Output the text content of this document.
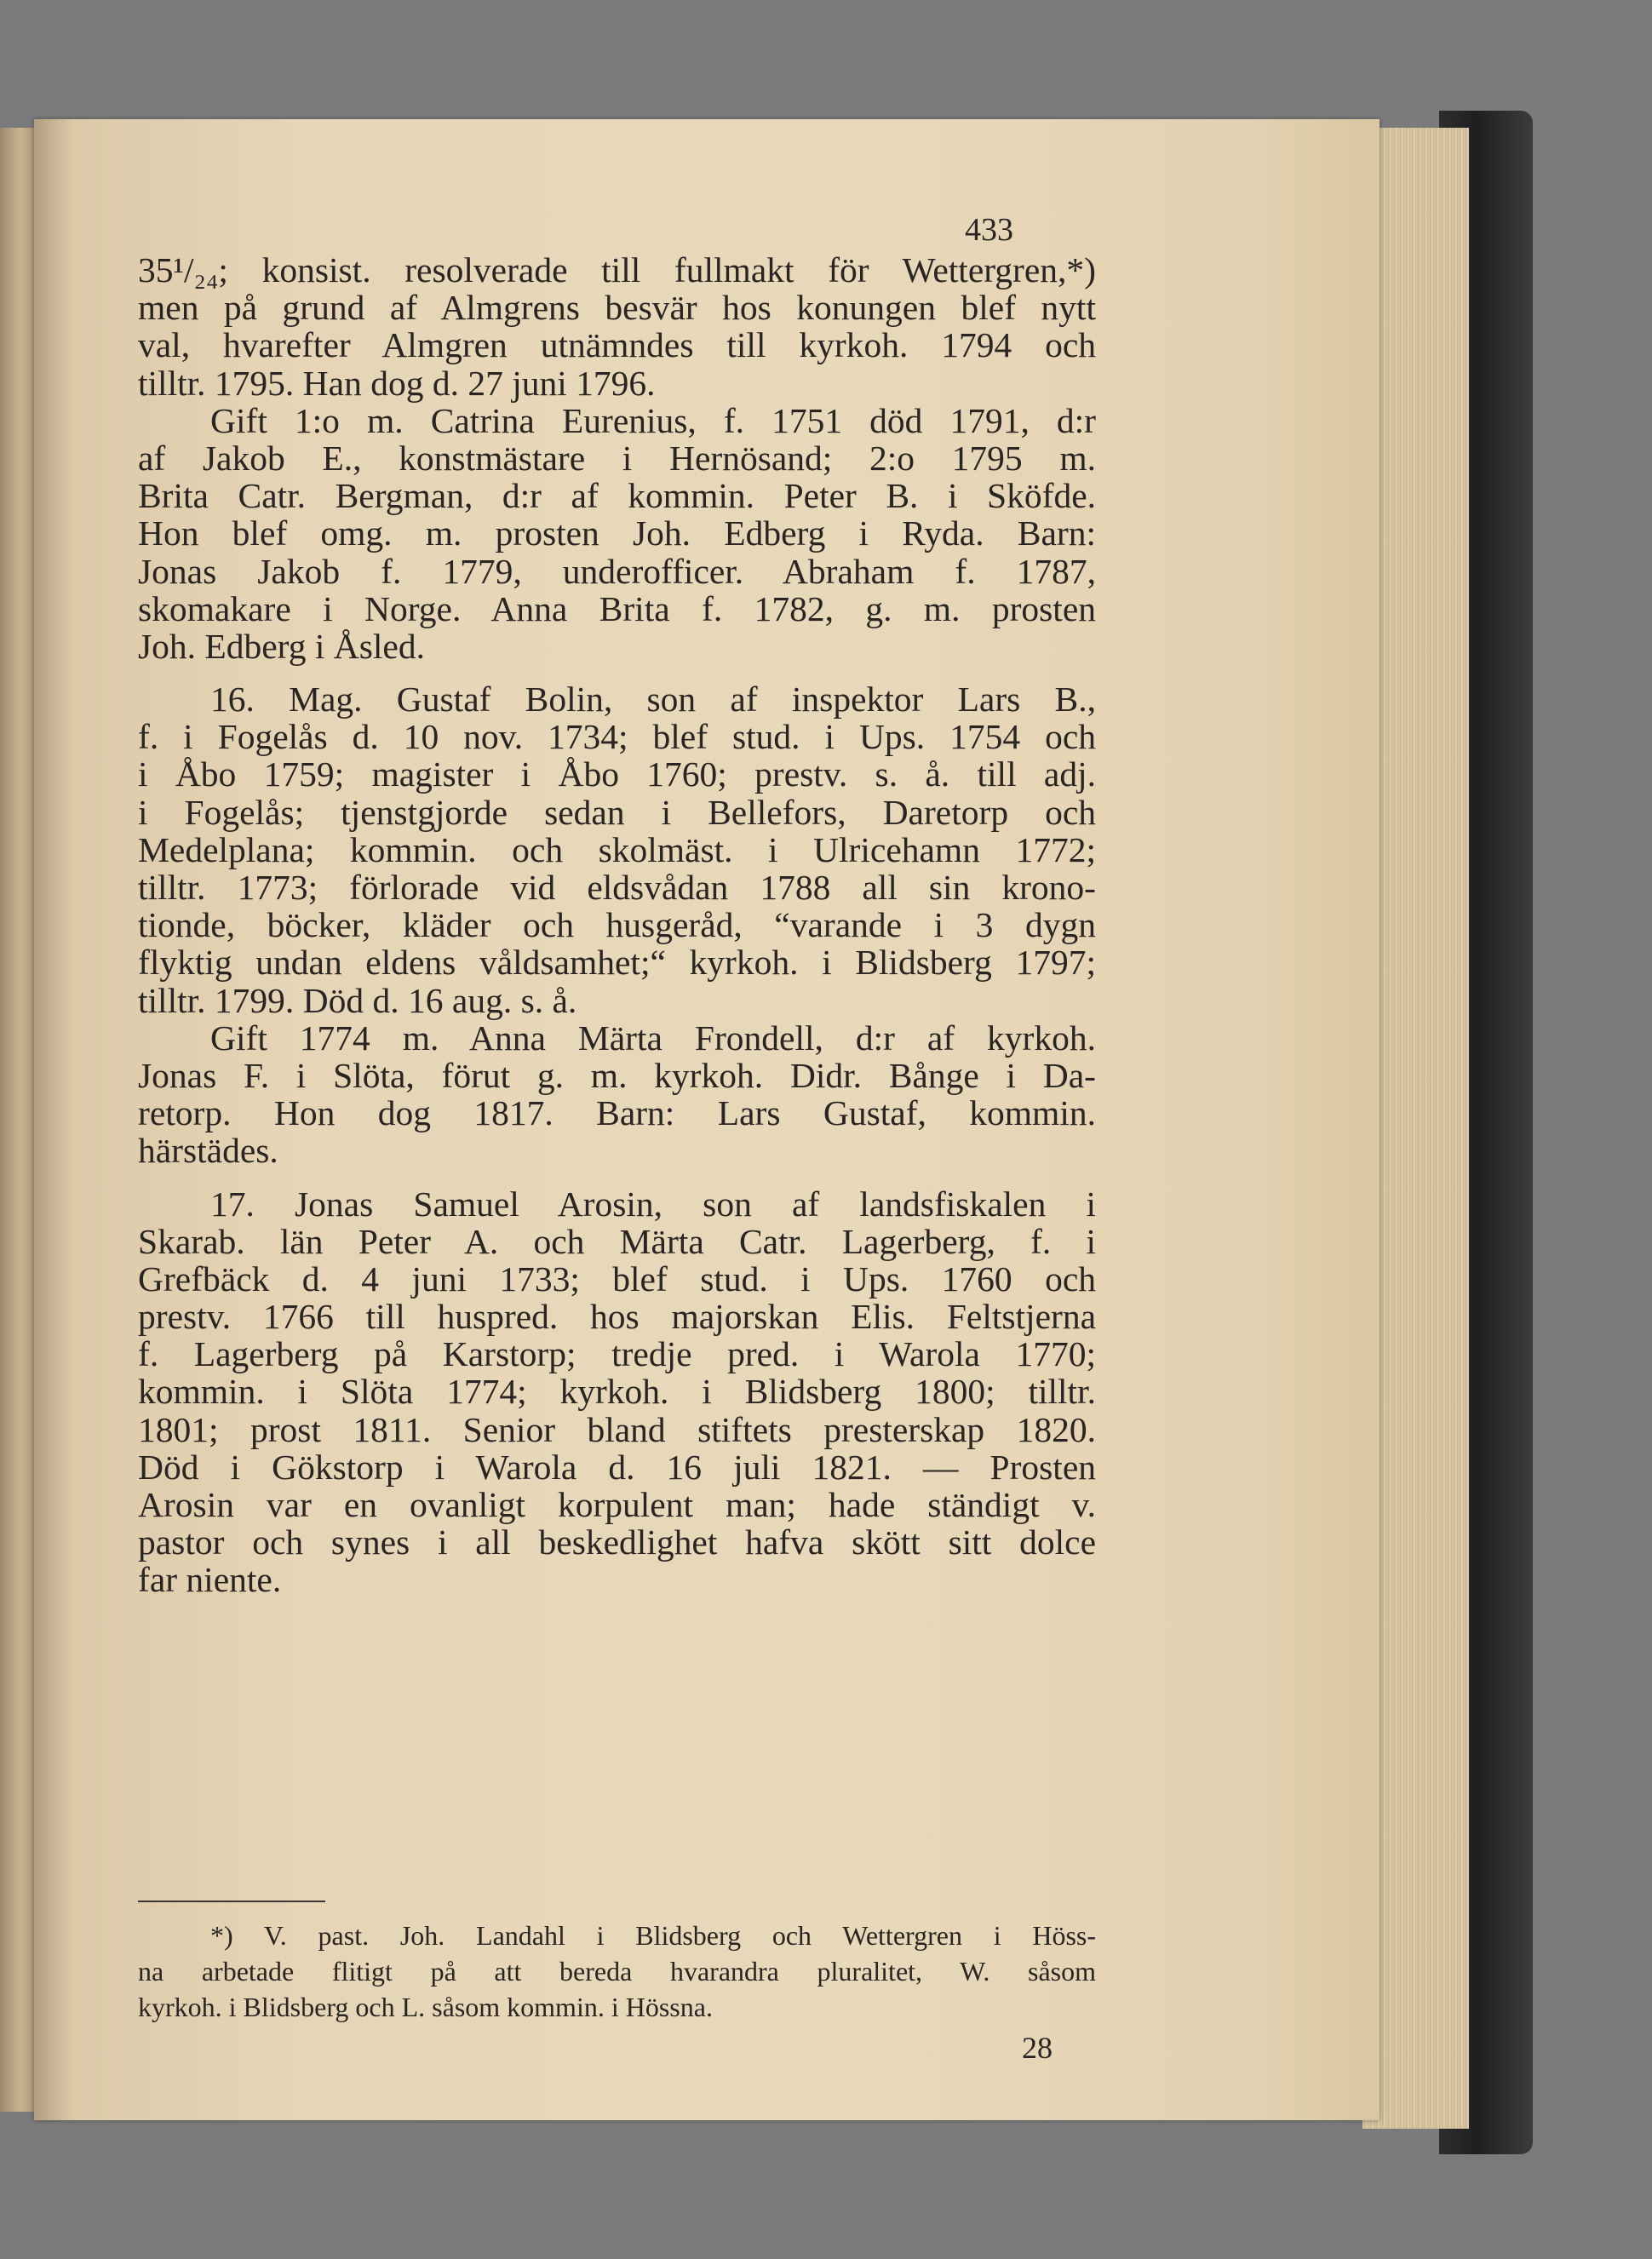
433
35¹/₂₄; konsist. resolverade till fullmakt för Wettergren,*)
men på grund af Almgrens besvär hos konungen blef nytt
val, hvarefter Almgren utnämndes till kyrkoh. 1794 och
tilltr. 1795. Han dog d. 27 juni 1796.
Gift 1:o m. Catrina Eurenius, f. 1751 död 1791, d:r
af Jakob E., konstmästare i Hernösand; 2:o 1795 m.
Brita Catr. Bergman, d:r af kommin. Peter B. i Sköfde.
Hon blef omg. m. prosten Joh. Edberg i Ryda. Barn:
Jonas Jakob f. 1779, underofficer. Abraham f. 1787,
skomakare i Norge. Anna Brita f. 1782, g. m. prosten
Joh. Edberg i Åsled.
16. Mag. Gustaf Bolin, son af inspektor Lars B.,
f. i Fogelås d. 10 nov. 1734; blef stud. i Ups. 1754 och
i Åbo 1759; magister i Åbo 1760; prestv. s. å. till adj.
i Fogelås; tjenstgjorde sedan i Bellefors, Daretorp och
Medelplana; kommin. och skolmäst. i Ulricehamn 1772;
tilltr. 1773; förlorade vid eldsvådan 1788 all sin krono-
tionde, böcker, kläder och husgeråd, “varande i 3 dygn
flyktig undan eldens våldsamhet;“ kyrkoh. i Blidsberg 1797;
tilltr. 1799. Död d. 16 aug. s. å.
Gift 1774 m. Anna Märta Frondell, d:r af kyrkoh.
Jonas F. i Slöta, förut g. m. kyrkoh. Didr. Bånge i Da-
retorp. Hon dog 1817. Barn: Lars Gustaf, kommin.
härstädes.
17. Jonas Samuel Arosin, son af landsfiskalen i
Skarab. län Peter A. och Märta Catr. Lagerberg, f. i
Grefbäck d. 4 juni 1733; blef stud. i Ups. 1760 och
prestv. 1766 till huspred. hos majorskan Elis. Feltstjerna
f. Lagerberg på Karstorp; tredje pred. i Warola 1770;
kommin. i Slöta 1774; kyrkoh. i Blidsberg 1800; tilltr.
1801; prost 1811. Senior bland stiftets presterskap 1820.
Död i Gökstorp i Warola d. 16 juli 1821. — Prosten
Arosin var en ovanligt korpulent man; hade ständigt v.
pastor och synes i all beskedlighet hafva skött sitt dolce
far niente.
*) V. past. Joh. Landahl i Blidsberg och Wettergren i Höss-
na arbetade flitigt på att bereda hvarandra pluralitet, W. såsom
kyrkoh. i Blidsberg och L. såsom kommin. i Hössna.
28
